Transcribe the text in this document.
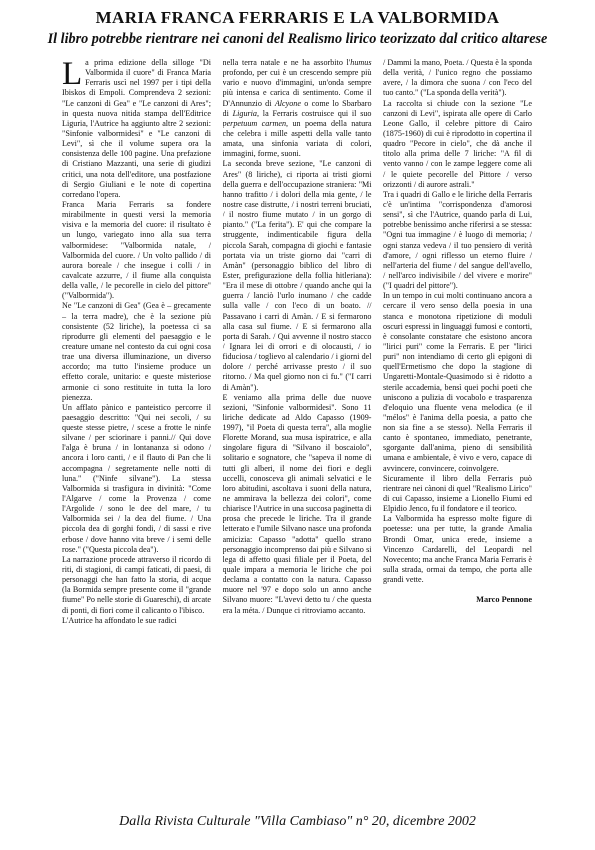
MARIA FRANCA FERRARIS E LA VALBORMIDA
Il libro potrebbe rientrare nei canoni del Realismo lirico teorizzato dal critico altarese

La prima edizione della silloge "Di Valbormida il cuore" di Franca Maria Ferraris uscì nel 1997 per i tipi della Ibiskos di Empoli. Comprendeva 2 sezioni: "Le canzoni di Gea" e "Le canzoni di Ares"; in questa nuova nitida stampa dell'Editrice Liguria, l'Autrice ha aggiunto altre 2 sezioni: "Sinfonie valbormidesi" e "Le canzoni di Levi", sì che il volume supera ora la consistenza delle 100 pagine. Una prefazione di Cristiano Mazzanti, una serie di giudizi critici, una nota dell'editore, una postfazione di Sergio Giuliani e le note di copertina corredano l'opera.

Franca Maria Ferraris sa fondere mirabilmente in questi versi la memoria visiva e la memoria del cuore: il risultato è un lungo, variegato inno alla sua terra valbormidese: "Valbormida natale, / Valbormida del cuore. / Un volto pallido / di aurora boreale / che insegue i colli / in cavalcate azzurre, / il fiume alla conquista della valle, / le pecorelle in cielo del pittore" ("Valbormida").

Ne "Le canzoni di Gea" (Gea è – grecamente – la terra madre), che è la sezione più consistente (52 liriche), la poetessa ci sa riprodurre gli elementi del paesaggio e le creature umane nel contesto da cui ogni cosa trae una diversa illuminazione, un diverso accordo; ma tutto l'insieme produce un effetto corale, unitario: e queste misteriose armonie ci sono restituite in tutta la loro pienezza.

Un afflato pànico e panteistico percorre il paesaggio descritto: "Qui nei secoli, / su queste stesse pietre, / scese a frotte le ninfe silvane / per sciorinare i panni.// Qui dove l'alga è bruna / in lontananza si odono / ancora i loro canti, / e il flauto di Pan che li accompagna / segretamente nelle notti di luna." ("Ninfe silvane"). La stessa Valbormida si trasfigura in divinità: "Come l'Algarve / come la Provenza / come l'Argolide / sono le dee del mare, / tu Valbormida sei / la dea del fiume. / Una piccola dea di gorghi fondi, / di sassi e rive erbose / dove hanno vita breve / i semi delle rose." ("Questa piccola dea").

La narrazione procede attraverso il ricordo di riti, di stagioni, di campi faticati, di paesi, di personaggi che han fatto la storia, di acque (la Bormida sempre presente come il "grande fiume" Po nelle storie di Guareschi), di arcate di ponti, di fiori come il calicanto o l'ibisco.

L'Autrice ha affondato le sue radici

nella terra natale e ne ha assorbito l'humus profondo, per cui è un crescendo sempre più vario e nuovo d'immagini, un'onda sempre più intensa e carica di sentimento. Come il D'Annunzio di Alcyone o come lo Sbarbaro di Liguria, la Ferraris costruisce qui il suo perpetuum carmen, un poema della natura che celebra i mille aspetti della valle tanto amata, una sinfonia variata di colori, immagini, forme, suoni.

La seconda breve sezione, "Le canzoni di Ares" (8 liriche), ci riporta ai tristi giorni della guerra e dell'occupazione straniera: "Mi hanno trafitto / i dolori della mia gente, / le nostre case distrutte, / i nostri terreni bruciati, / il nostro fiume mutato / in un gorgo di pianto." ("La ferita"). E' qui che compare la struggente, indimenticabile figura della piccola Sarah, compagna di giochi e fantasie portata via un triste giorno dai "carri di Amàn" (personaggio biblico del libro di Ester, prefigurazione della follia hitleriana): "Era il mese di ottobre / quando anche qui la guerra / lanciò l'urlo inumano / che cadde sulla valle / con l'eco di un boato. // Passavano i carri di Amàn. / E si fermarono alla casa sul fiume. / E si fermarono alla porta di Sarah. / Qui avvenne il nostro stacco / Ignara lei di orrori e di olocausti, / io fiduciosa / toglievo al calendario / i giorni del dolore / perché arrivasse presto / il suo ritorno. / Ma quel giorno non ci fu." ("I carri di Amàn").

E veniamo alla prima delle due nuove sezioni, "Sinfonie valbormidesi". Sono 11 liriche dedicate ad Aldo Capasso (1909-1997), "il Poeta di questa terra", alla moglie Florette Morand, sua musa ispiratrice, e alla singolare figura di "Silvano il boscaiolo", solitario e sognatore, che "sapeva il nome di tutti gli alberi, il nome dei fiori e degli uccelli, conosceva gli animali selvatici e le loro abitudini, ascoltava i suoni della natura, ne ammirava la bellezza dei colori", come chiarisce l'Autrice in una succosa paginetta di prosa che precede le liriche. Tra il grande letterato e l'umile Silvano nasce una profonda amicizia: Capasso "adotta" quello strano personaggio incomprenso dai più e Silvano si lega di affetto quasi filiale per il Poeta, del quale impara a memoria le liriche che poi declama a contatto con la natura. Capasso muore nel '97 e dopo solo un anno anche Silvano muore: "L'avevi detto tu / che questa era la méta. / Dunque ci ritroviamo accanto.

/ Dammi la mano, Poeta. / Questa è la sponda della verità, / l'unico regno che possiamo avere, / la dimora che suona / con l'eco del tuo canto." ("La sponda della verità").

La raccolta si chiude con la sezione "Le canzoni di Levi", ispirata alle opere di Carlo Leone Gallo, il celebre pittore di Cairo (1875-1960) di cui è riprodotto in copertina il quadro "Pecore in cielo", che dà anche il titolo alla prima delle 7 liriche: "A fil di vento vanno / con le zampe leggere come ali / le quiete pecorelle del Pittore / verso orizzonti / di aurore astrali."

Tra i quadri di Gallo e le liriche della Ferraris c'è un'intima "corrispondenza d'amorosi sensi", sì che l'Autrice, quando parla di Lui, potrebbe benissimo anche riferirsi a se stessa: "Ogni tua immagine / è luogo di memoria; / ogni stanza vedeva / il tuo pensiero di verità d'amore, / ogni riflesso un eterno fluire / nell'arteria del fiume / del sangue dell'avello, / nell'arco indivisibile / del vivere e morire" ("I quadri del pittore").

In un tempo in cui molti continuano ancora a cercare il vero senso della poesia in una stanca e monotona ripetizione di moduli oscuri espressi in linguaggi fumosi e contorti, è consolante constatare che esistono ancora "lirici puri" come la Ferraris. E per "lirici puri" non intendiamo di certo gli epigoni di quell'Ermetismo che dopo la stagione di Ungaretti-Montale-Quasimodo si è ridotto a sterile accademia, bensì quei pochi poeti che uniscono a pulizia di vocabolo e trasparenza d'eloquio una fluente vena melodica (e il "mélos" è l'anima della poesia, a patto che non sia fine a se stesso). Nella Ferraris il canto è spontaneo, immediato, penetrante, sgorgante dall'anima, pieno di sensibilità umana e ambientale, è vivo e vero, capace di avvincere, convincere, coinvolgere.

Sicuramente il libro della Ferraris può rientrare nei cànoni di quel "Realismo Lirico" di cui Capasso, insieme a Lionello Fiumi ed Elpidio Jenco, fu il fondatore e il teorico.

La Valbormida ha espresso molte figure di poetesse: una per tutte, la grande Amalia Brondi Omar, unica erede, insieme a Vincenzo Cardarelli, del Leopardi nel Novecento; ma anche Franca Maria Ferraris è sulla strada, ormai da tempo, che porta alle grandi vette.

Marco Pennone
Dalla Rivista Culturale "Villa Cambiaso" n° 20, dicembre 2002
